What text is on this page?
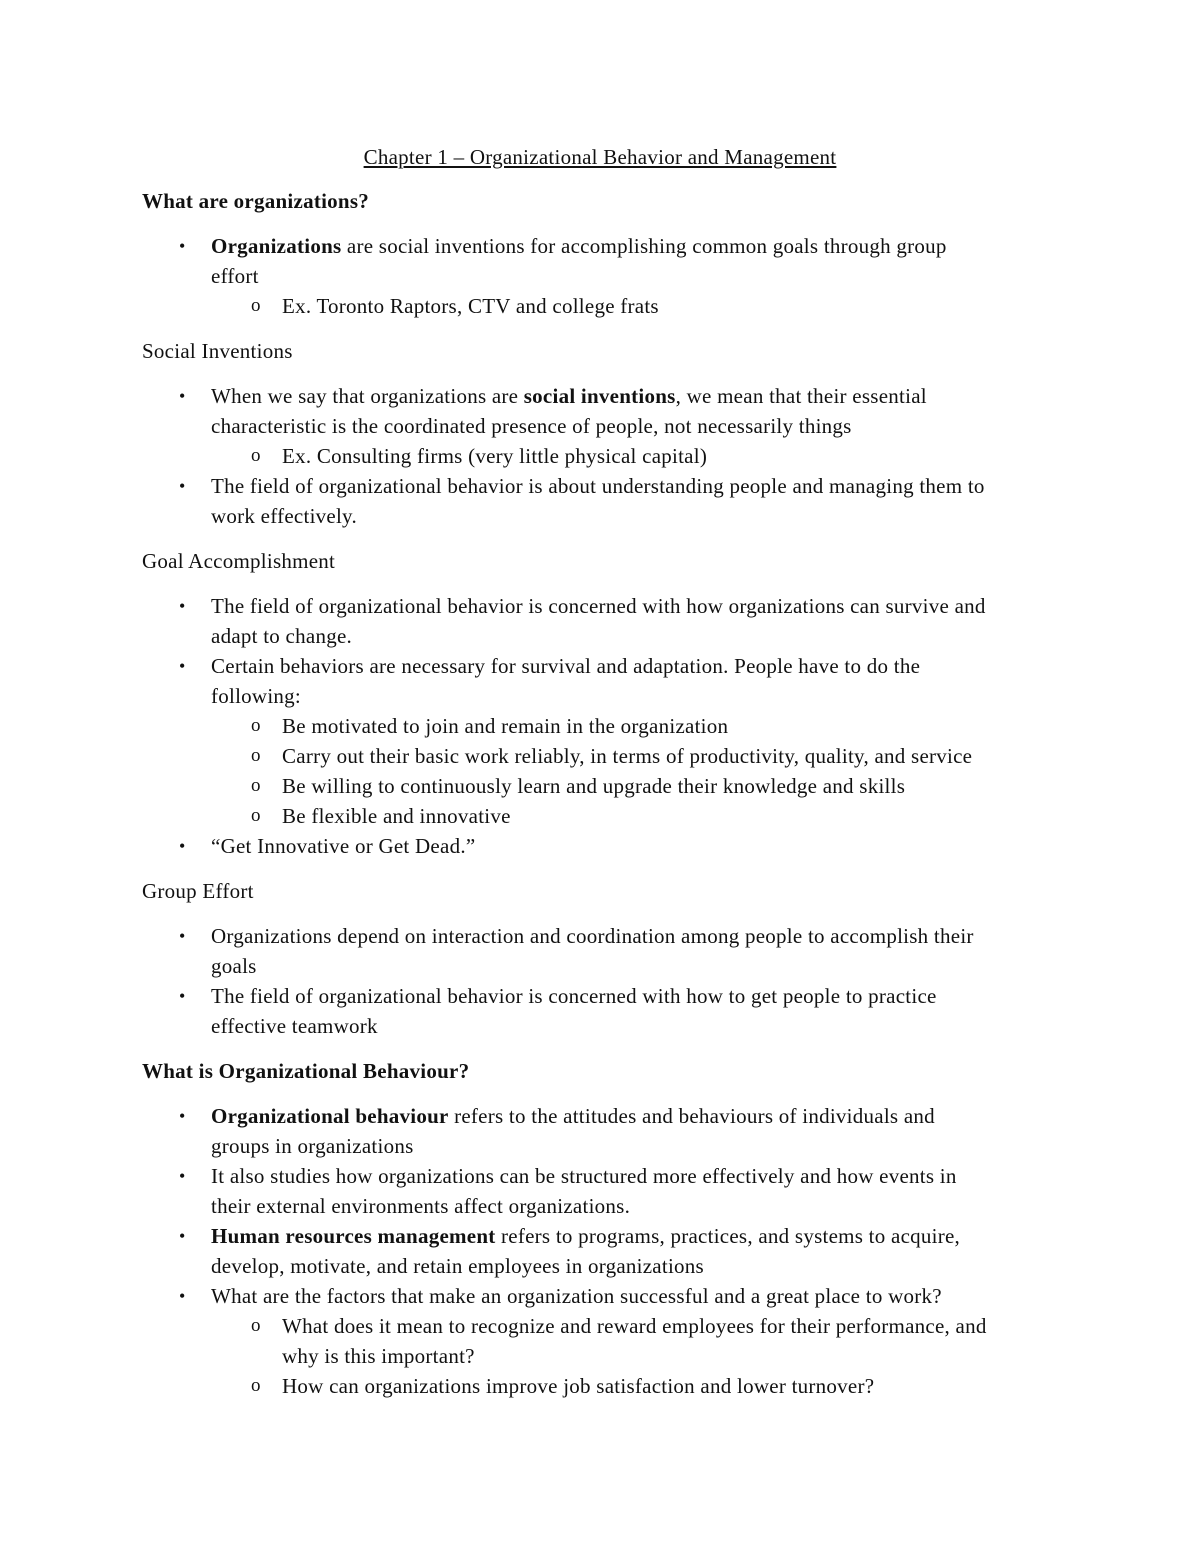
Chapter 1 – Organizational Behavior and Management
What are organizations?
• Organizations are social inventions for accomplishing common goals through group
effort
o Ex. Toronto Raptors, CTV and college frats
Social Inventions
• When we say that organizations are social inventions, we mean that their essential
characteristic is the coordinated presence of people, not necessarily things
o Ex. Consulting firms (very little physical capital)
• The field of organizational behavior is about understanding people and managing them to
work effectively.
Goal Accomplishment
• The field of organizational behavior is concerned with how organizations can survive and
adapt to change.
• Certain behaviors are necessary for survival and adaptation. People have to do the
following:
o Be motivated to join and remain in the organization
o Carry out their basic work reliably, in terms of productivity, quality, and service
o Be willing to continuously learn and upgrade their knowledge and skills
o Be flexible and innovative
• “Get Innovative or Get Dead.”
Group Effort
• Organizations depend on interaction and coordination among people to accomplish their
goals
• The field of organizational behavior is concerned with how to get people to practice
effective teamwork
What is Organizational Behaviour?
• Organizational behaviour refers to the attitudes and behaviours of individuals and
groups in organizations
• It also studies how organizations can be structured more effectively and how events in
their external environments affect organizations.
• Human resources management refers to programs, practices, and systems to acquire,
develop, motivate, and retain employees in organizations
• What are the factors that make an organization successful and a great place to work?
o What does it mean to recognize and reward employees for their performance, and
why is this important?
o How can organizations improve job satisfaction and lower turnover?
